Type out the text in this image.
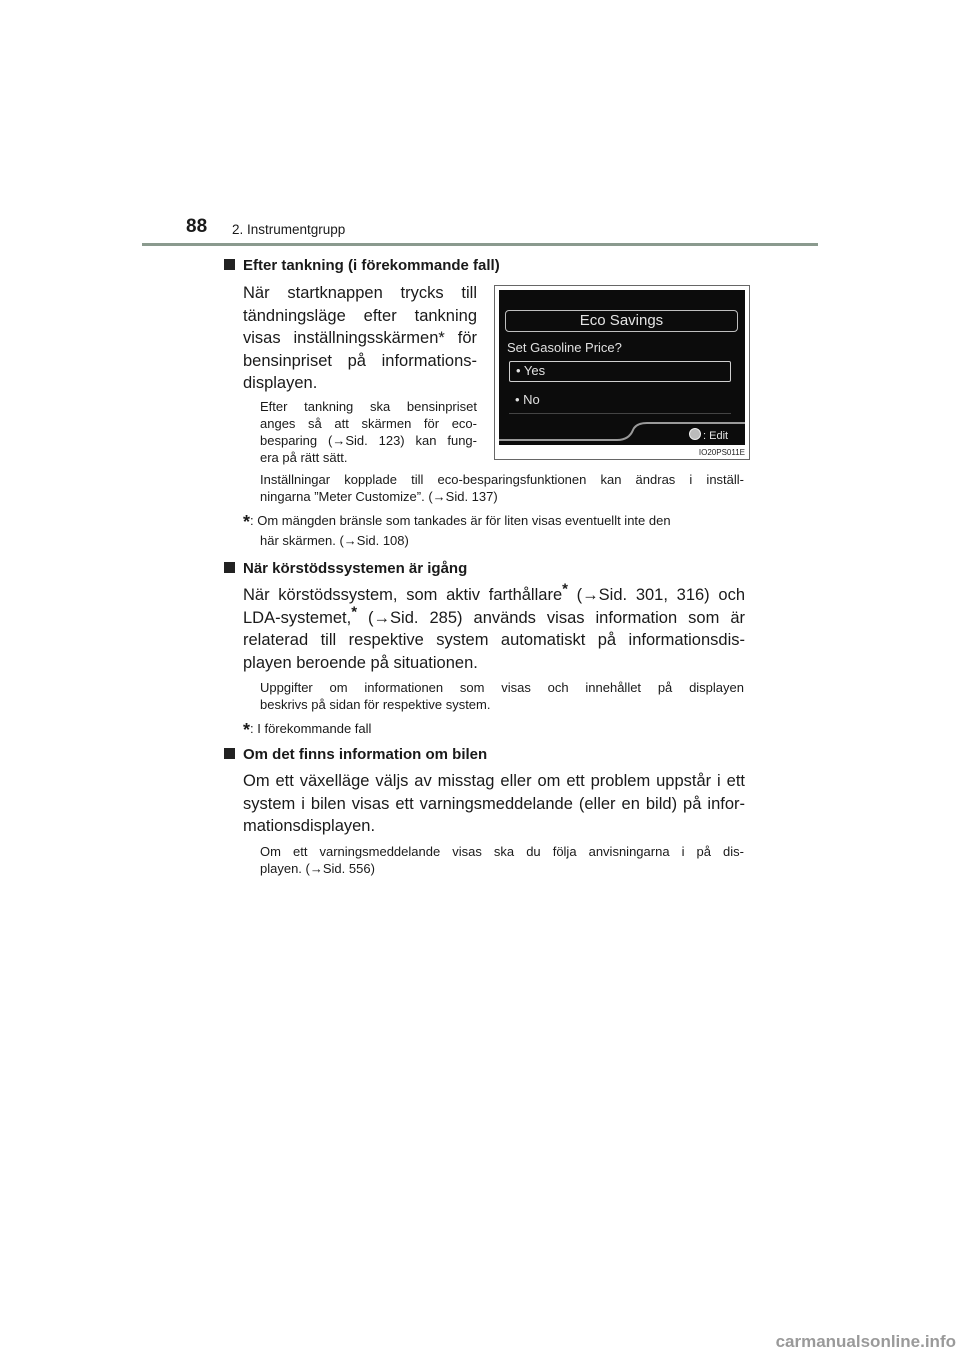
88 2. Instrumentgrupp
Efter tankning (i förekommande fall)
När startknappen trycks till
tändningsläge efter tankning
visas inställningsskärmen* för
bensinpriset på informations-
displayen.
Efter tankning ska bensinpriset
anges så att skärmen för eco-
besparing (→Sid. 123) kan fung-
era på rätt sätt.
Inställningar kopplade till eco-besparingsfunktionen kan ändras i inställ-
ningarna ”Meter Customize”. (→Sid. 137)
*: Om mängden bränsle som tankades är för liten visas eventuellt inte den
här skärmen. (→Sid. 108)
Eco Savings
Set Gasoline Price?
• Yes
• No
: Edit
IO20PS011E
När körstödssystemen är igång
När körstödssystem, som aktiv farthållare* (→Sid. 301, 316) och
LDA-systemet,* (→Sid. 285) används visas information som är
relaterad till respektive system automatiskt på informationsdis-
playen beroende på situationen.
Uppgifter om informationen som visas och innehållet på displayen
beskrivs på sidan för respektive system.
*: I förekommande fall
Om det finns information om bilen
Om ett växelläge väljs av misstag eller om ett problem uppstår i ett
system i bilen visas ett varningsmeddelande (eller en bild) på infor-
mationsdisplayen.
Om ett varningsmeddelande visas ska du följa anvisningarna i på dis-
playen. (→Sid. 556)
carmanualsonline.info
